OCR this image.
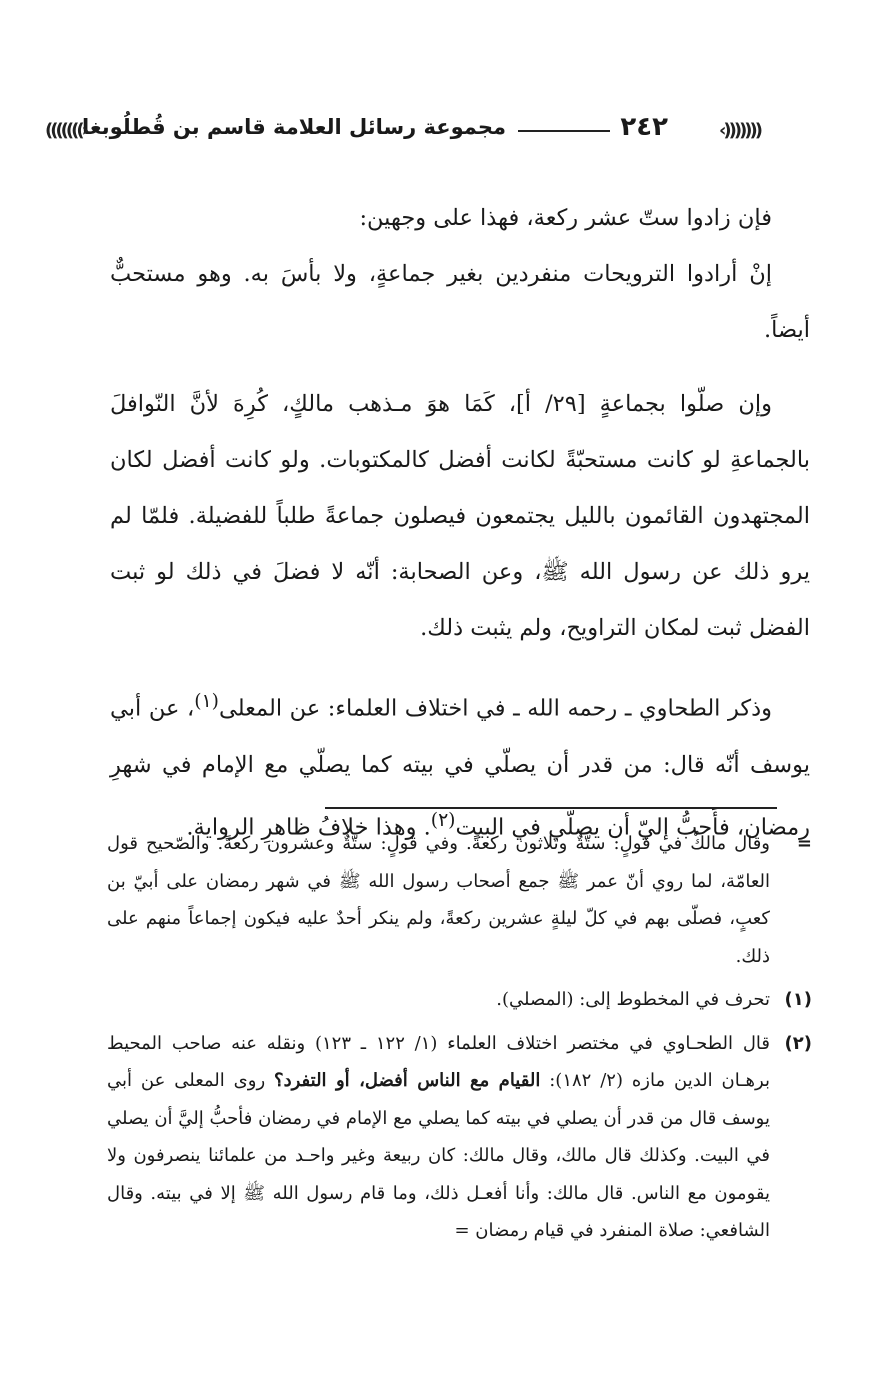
‹)))))))
٢٤٢
مجموعة رسائل العلامة قاسم بن قُطلُوبغا
(((((((›

فإن زادوا ستّ عشر ركعة، فهذا على وجهين:

إنْ أرادوا الترويحات منفردين بغير جماعةٍ، ولا بأسَ به. وهو مستحبٌّ أيضاً.

وإن صلّوا بجماعةٍ [٢٩/ أ]، كَمَا هوَ مـذهب مالكٍ، كُرِهَ لأنَّ النّوافلَ بالجماعةِ لو كانت مستحبّةً لكانت أفضل كالمكتوبات. ولو كانت أفضل لكان المجتهدون القائمون بالليل يجتمعون فيصلون جماعةً طلباً للفضيلة. فلمّا لم يرو ذلك عن رسول الله ﷺ، وعن الصحابة: أنّه لا فضلَ في ذلك لو ثبت الفضل ثبت لمكان التراويح، ولم يثبت ذلك.

وذكر الطحاوي ـ رحمه الله ـ في اختلاف العلماء: عن المعلى$^{(١)}$، عن أبي يوسف أنّه قال: من قدر أن يصلّي في بيته كما يصلّي مع الإمام في شهرِ رمضان، فأَحبُّ إليّ أن يصلّي في البيت$^{(٢)}$. وهذا خلافُ ظاهرِ الرواية.

=
وقال مالكٌ في قولٍ: ستّةٌ وثلاثون ركعةً. وفي قولٍ: ستّةٌ وعشرون ركعةً. والصّحيح قول العامّة، لما روي أنّ عمر ﷺ جمع أصحاب رسول الله ﷺ في شهر رمضان على أبيّ بن كعبٍ، فصلّى بهم في كلّ ليلةٍ عشرين ركعةً، ولم ينكر أحدٌ عليه فيكون إجماعاً منهم على ذلك.
(١)
تحرف في المخطوط إلى: (المصلي).
(٢)
قال الطحـاوي في مختصر اختلاف العلماء (١/ ١٢٢ ـ ١٢٣) ونقله عنه صاحب المحيط برهـان الدين مازه (٢/ ١٨٢): القيام مع الناس أفضل، أو التفرد؟ روى المعلى عن أبي يوسف قال من قدر أن يصلي في بيته كما يصلي مع الإمام في رمضان فأحبُّ إليَّ أن يصلي في البيت. وكذلك قال مالك، وقال مالك: كان ربيعة وغير واحـد من علمائنا ينصرفون ولا يقومون مع الناس. قال مالك: وأنا أفعـل ذلك، وما قام رسول الله ﷺ إلا في بيته. وقال الشافعي: صلاة المنفرد في قيام رمضان =
